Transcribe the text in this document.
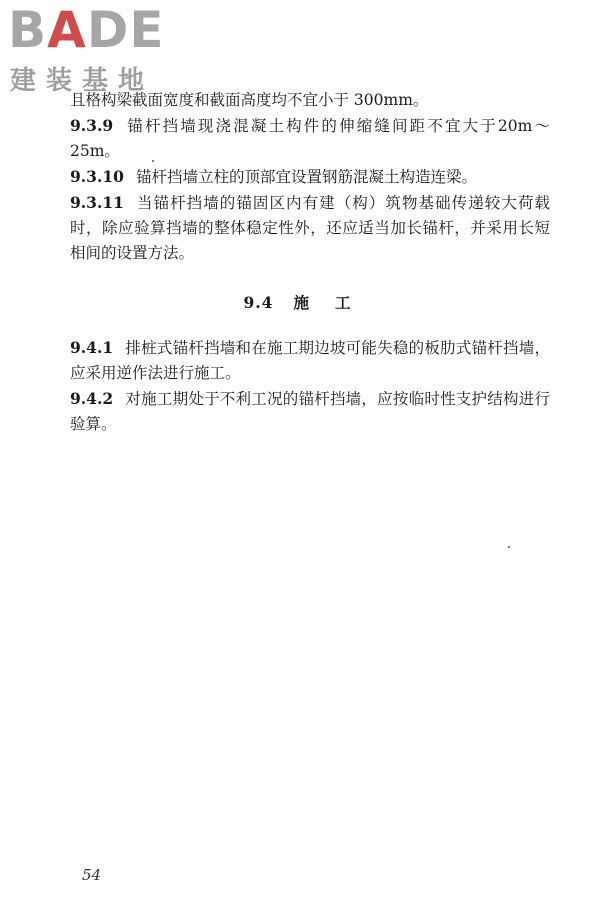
BADE
建装基地

且格构梁截面宽度和截面高度均不宜小于 300mm。

9.3.9 锚杆挡墙现浇混凝土构件的伸缩缝间距不宜大于20m～25m。

9.3.10 锚杆挡墙立柱的顶部宜设置钢筋混凝土构造连梁。

9.3.11 当锚杆挡墙的锚固区内有建（构）筑物基础传递较大荷载时，除应验算挡墙的整体稳定性外，还应适当加长锚杆，并采用长短相间的设置方法。

9.4 施工

9.4.1 排桩式锚杆挡墙和在施工期边坡可能失稳的板肋式锚杆挡墙，应采用逆作法进行施工。

9.4.2 对施工期处于不利工况的锚杆挡墙，应按临时性支护结构进行验算。

54
